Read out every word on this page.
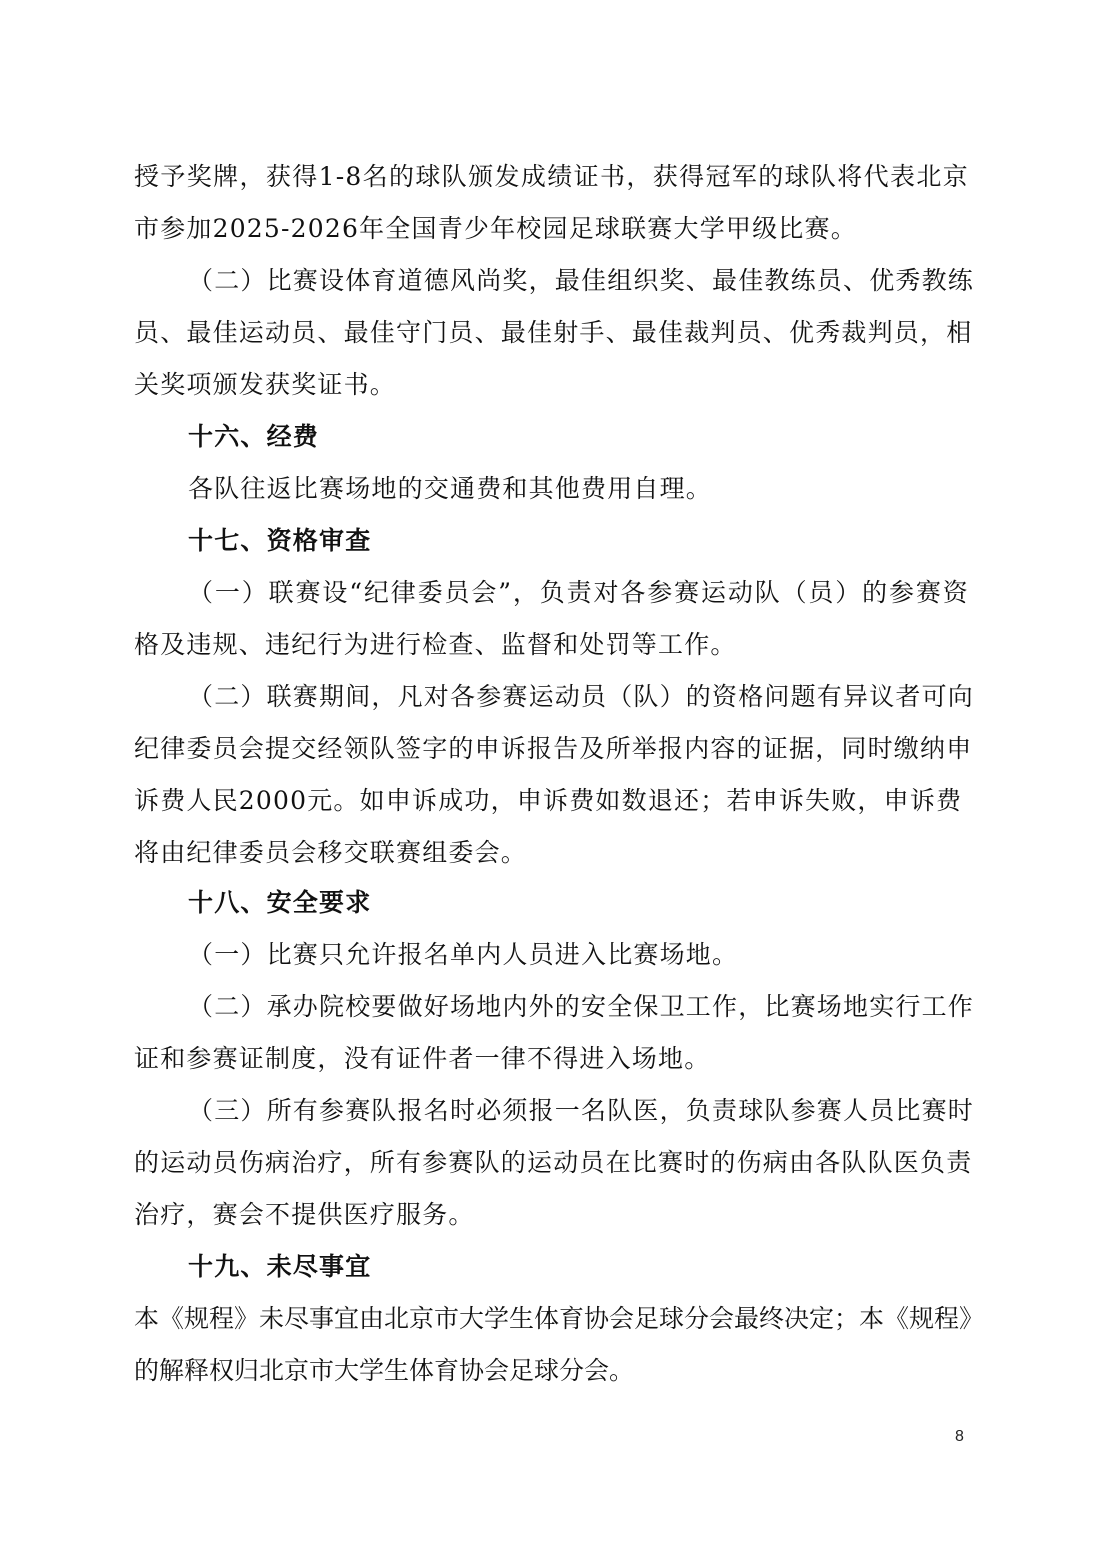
授予奖牌，获得1-8名的球队颁发成绩证书，获得冠军的球队将代表北京
市参加2025-2026年全国青少年校园足球联赛大学甲级比赛。
（二）比赛设体育道德风尚奖，最佳组织奖、最佳教练员、优秀教练
员、最佳运动员、最佳守门员、最佳射手、最佳裁判员、优秀裁判员，相
关奖项颁发获奖证书。
十六、经费
各队往返比赛场地的交通费和其他费用自理。
十七、资格审查
（一）联赛设“纪律委员会”，负责对各参赛运动队（员）的参赛资
格及违规、违纪行为进行检查、监督和处罚等工作。
（二）联赛期间，凡对各参赛运动员（队）的资格问题有异议者可向
纪律委员会提交经领队签字的申诉报告及所举报内容的证据，同时缴纳申
诉费人民2000元。如申诉成功，申诉费如数退还；若申诉失败，申诉费
将由纪律委员会移交联赛组委会。
十八、安全要求
（一）比赛只允许报名单内人员进入比赛场地。
（二）承办院校要做好场地内外的安全保卫工作，比赛场地实行工作
证和参赛证制度，没有证件者一律不得进入场地。
（三）所有参赛队报名时必须报一名队医，负责球队参赛人员比赛时
的运动员伤病治疗，所有参赛队的运动员在比赛时的伤病由各队队医负责
治疗，赛会不提供医疗服务。
十九、未尽事宜
本《规程》未尽事宜由北京市大学生体育协会足球分会最终决定；本《规程》
的解释权归北京市大学生体育协会足球分会。
8
